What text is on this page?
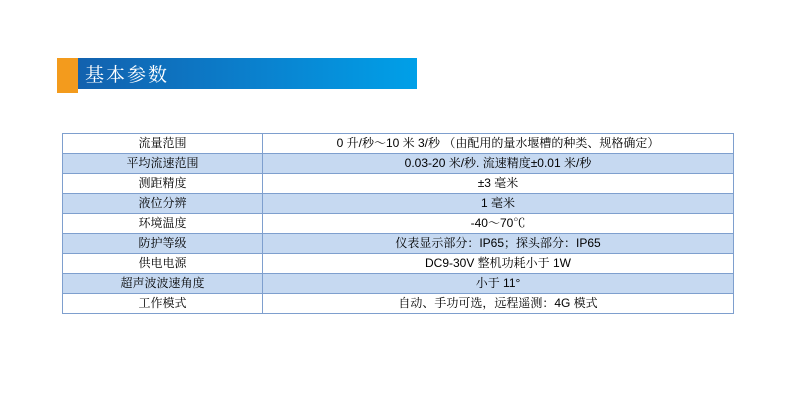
基本参数
流量范围	0 升/秒～10 米 3/秒 （由配用的量水堰槽的种类、规格确定）
平均流速范围	0.03-20 米/秒. 流速精度±0.01 米/秒
测距精度	±3 毫米
液位分辨	1 毫米
环境温度	-40～70℃
防护等级	仪表显示部分：IP65；探头部分：IP65
供电电源	DC9-30V 整机功耗小于 1W
超声波波速角度	小于 11°
工作模式	自动、手功可选，远程遥测：4G 模式
